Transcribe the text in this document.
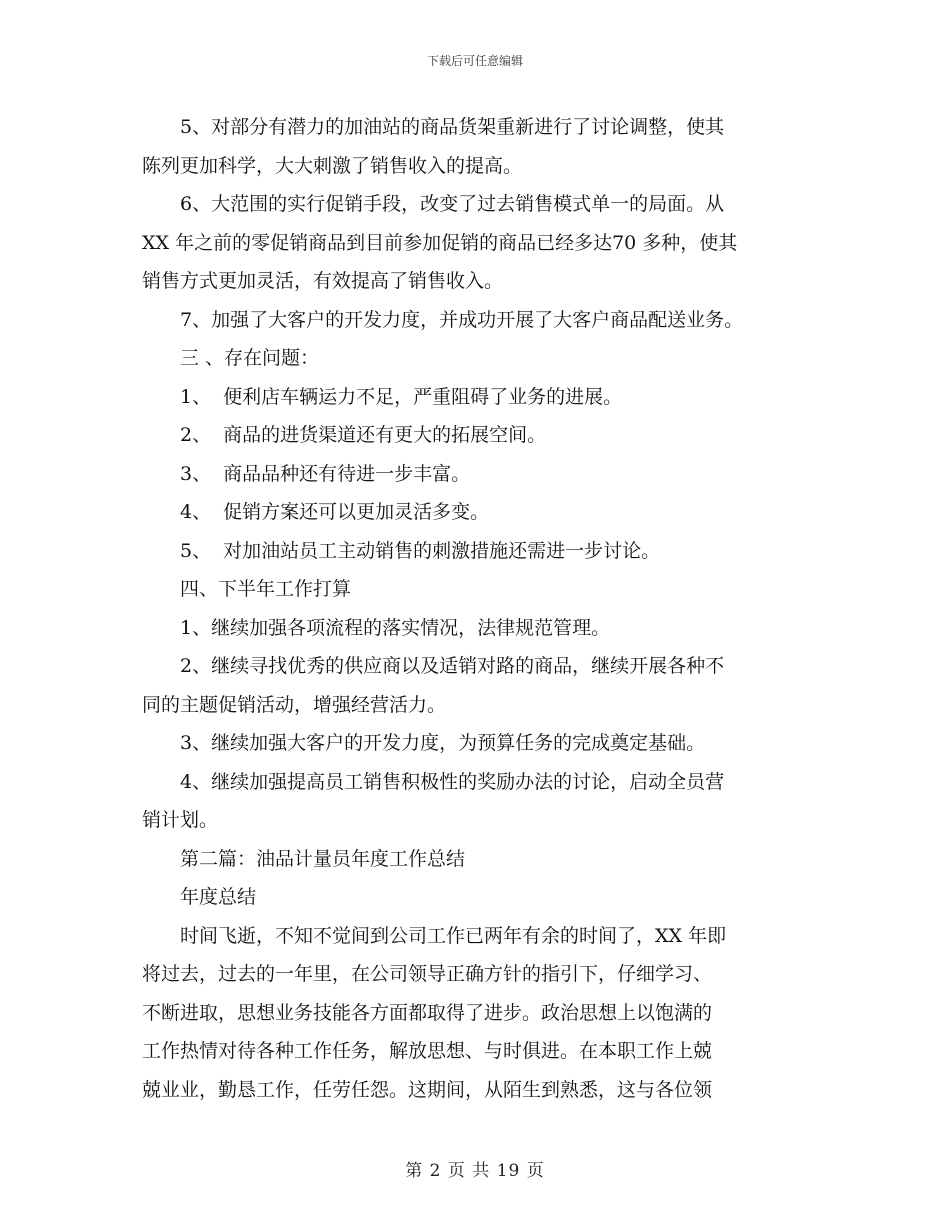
下载后可任意编辑
5、对部分有潜力的加油站的商品货架重新进行了讨论调整，使其
陈列更加科学，大大刺激了销售收入的提高。
6、大范围的实行促销手段，改变了过去销售模式单一的局面。从
XX 年之前的零促销商品到目前参加促销的商品已经多达70 多种，使其
销售方式更加灵活，有效提高了销售收入。
7、加强了大客户的开发力度，并成功开展了大客户商品配送业务。
三 、存在问题：
1、  便利店车辆运力不足，严重阻碍了业务的进展。
2、  商品的进货渠道还有更大的拓展空间。
3、  商品品种还有待进一步丰富。
4、  促销方案还可以更加灵活多变。
5、  对加油站员工主动销售的刺激措施还需进一步讨论。
四、下半年工作打算
1、继续加强各项流程的落实情况，法律规范管理。
2、继续寻找优秀的供应商以及适销对路的商品，继续开展各种不
同的主题促销活动，增强经营活力。
3、继续加强大客户的开发力度，为预算任务的完成奠定基础。
4、继续加强提高员工销售积极性的奖励办法的讨论，启动全员营
销计划。
第二篇：油品计量员年度工作总结
年度总结
时间飞逝，不知不觉间到公司工作已两年有余的时间了，XX 年即
将过去，过去的一年里，在公司领导正确方针的指引下，仔细学习、
不断进取，思想业务技能各方面都取得了进步。政治思想上以饱满的
工作热情对待各种工作任务，解放思想、与时俱进。在本职工作上兢
兢业业，勤恳工作，任劳任怨。这期间，从陌生到熟悉，这与各位领
第 2 页 共 19 页
